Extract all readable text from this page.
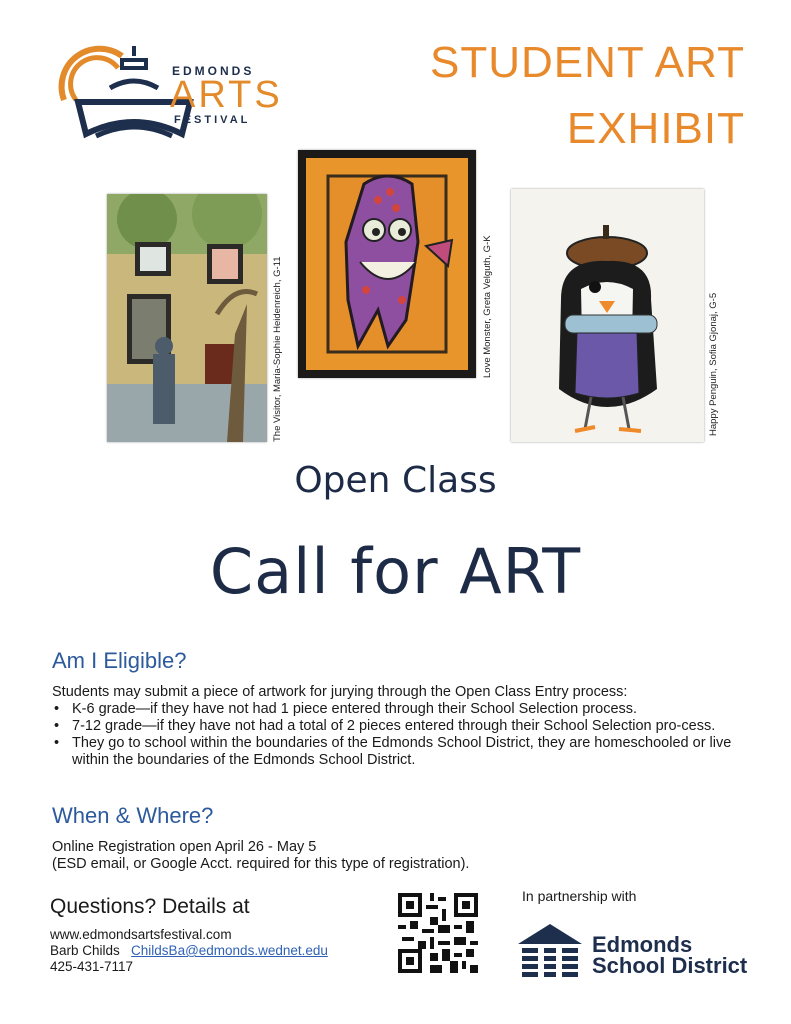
EDMONDS
ARTS
FESTIVAL
STUDENT ART
EXHIBIT
The Visitor, Maria-Sophie Heidenreich, G-11	Love Monster, Greta Velguth, G-K	Happy Penguin, Sofia Gjonaj, G-5
Open Class
Call for ART
Am I Eligible?
Students may submit a piece of artwork for jurying through the Open Class Entry process:
• K-6 grade—if they have not had 1 piece entered through their School Selection process.
• 7-12 grade—if they have not had a total of 2 pieces entered through their School Selection pro-cess.
• They go to school within the boundaries of the Edmonds School District, they are homeschooled or live within the boundaries of the Edmonds School District.
When & Where?
Online Registration open April 26 - May 5
(ESD email, or Google Acct. required for this type of registration).
Questions? Details at
www.edmondsartsfestival.com
Barb Childs ChildsBa@edmonds.wednet.edu
425-431-7117
In partnership with
Edmonds
School District
